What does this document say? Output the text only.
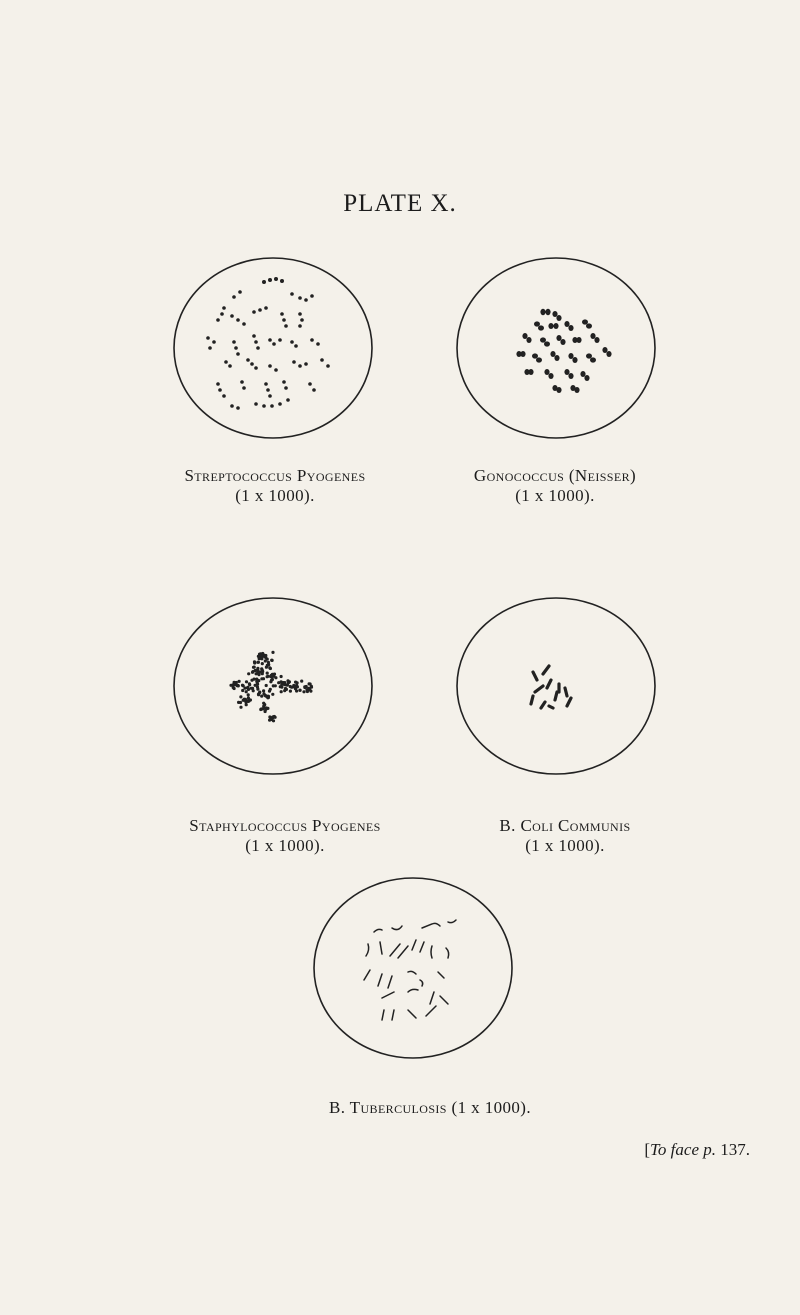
PLATE X.
Streptococcus Pyogenes
(1 x 1000).
Gonococcus (Neisser)
(1 x 1000).
Staphylococcus Pyogenes
(1 x 1000).
B. Coli Communis
(1 x 1000).
B. Tuberculosis (1 x 1000).
[To face p. 137.
